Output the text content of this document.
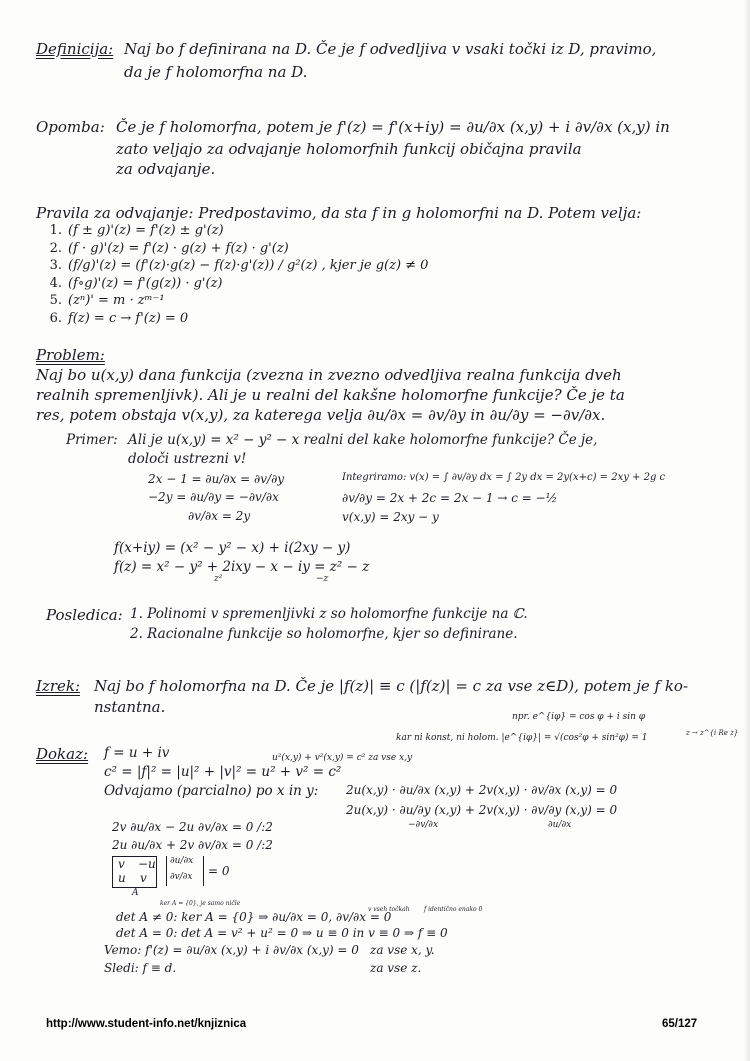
Definicija: Naj bo f definirana na D. Če je f odvedljiva v vsaki točki iz D, pravimo,
da je f holomorfna na D.
Opomba: Če je f holomorfna, potem je f'(z) = f'(x+iy) = ∂u/∂x (x,y) + i ∂v/∂x (x,y) in
zato veljajo za odvajanje holomorfnih funkcij običajna pravila
za odvajanje.
Pravila za odvajanje: Predpostavimo, da sta f in g holomorfni na D. Potem velja:
1. (f ± g)'(z) = f'(z) ± g'(z)
2. (f · g)'(z) = f'(z) · g(z) + f(z) · g'(z)
3. (f/g)'(z) = (f'(z)·g(z) − f(z)·g'(z)) / g²(z) , kjer je g(z) ≠ 0
4. (f∘g)'(z) = f'(g(z)) · g'(z)
5. (zⁿ)' = m · zᵐ⁻¹
6. f(z) = c → f'(z) = 0
Problem:
Naj bo u(x,y) dana funkcija (zvezna in zvezno odvedljiva realna funkcija dveh
realnih spremenljivk). Ali je u realni del kakšne holomorfne funkcije? Če je ta
res, potem obstaja v(x,y), za katerega velja ∂u/∂x = ∂v/∂y in ∂u/∂y = −∂v/∂x.
Primer: Ali je u(x,y) = x² − y² − x realni del kake holomorfne funkcije? Če je,
določi ustrezni v!
2x − 1 = ∂u/∂x = ∂v/∂y
−2y = ∂u/∂y = −∂v/∂x
∂v/∂x = 2y
Integriramo: v(x) = ∫ ∂v/∂y dx = ∫ 2y dx = 2y(x+c) = 2xy + 2g c
∂v/∂y = 2x + 2c = 2x − 1 → c = −½
v(x,y) = 2xy − y
f(x+iy) = (x² − y² − x) + i(2xy − y)
f(z) = x² − y² + 2ixy − x − iy = z² − z
z²	−z
Posledica: 1. Polinomi v spremenljivki z so holomorfne funkcije na ℂ.
2. Racionalne funkcije so holomorfne, kjer so definirane.
Izrek: Naj bo f holomorfna na D. Če je |f(z)| ≡ c (|f(z)| = c za vse z∈D), potem je f ko-
nstantna.
npr. e^{iφ} = cos φ + i sin φ
kar ni konst, ni holom. |e^{iφ}| = √(cos²φ + sin²φ) = 1	z → z^{i Re z}
Dokaz: f = u + iv	u²(x,y) + v²(x,y) = c² za vse x,y
c² = |f|² = |u|² + |v|² = u² + v² = c²
Odvajamo (parcialno) po x in y: 2u(x,y) · ∂u/∂x (x,y) + 2v(x,y) · ∂v/∂x (x,y) = 0
2u(x,y) · ∂u/∂y (x,y) + 2v(x,y) · ∂v/∂y (x,y) = 0
−∂v/∂x	∂u/∂x
2v ∂u/∂x − 2u ∂v/∂x = 0 /:2
2u ∂u/∂x + 2v ∂v/∂x = 0 /:2
v −u
u v
∂u/∂x
∂v/∂x = 0
A
ker A = {0}, je samo ničle
v vseh točkah f identično enako 0
det A ≠ 0: ker A = {0} ⇒ ∂u/∂x = 0, ∂v/∂x = 0
det A = 0: det A = v² + u² = 0 ⇒ u ≡ 0 in v ≡ 0 ⇒ f ≡ 0
Vemo: f'(z) = ∂u/∂x (x,y) + i ∂v/∂x (x,y) = 0 za vse x, y.
Sledi: f ≡ d.	za vse z.
http://www.student-info.net/knjiznica	65/127
